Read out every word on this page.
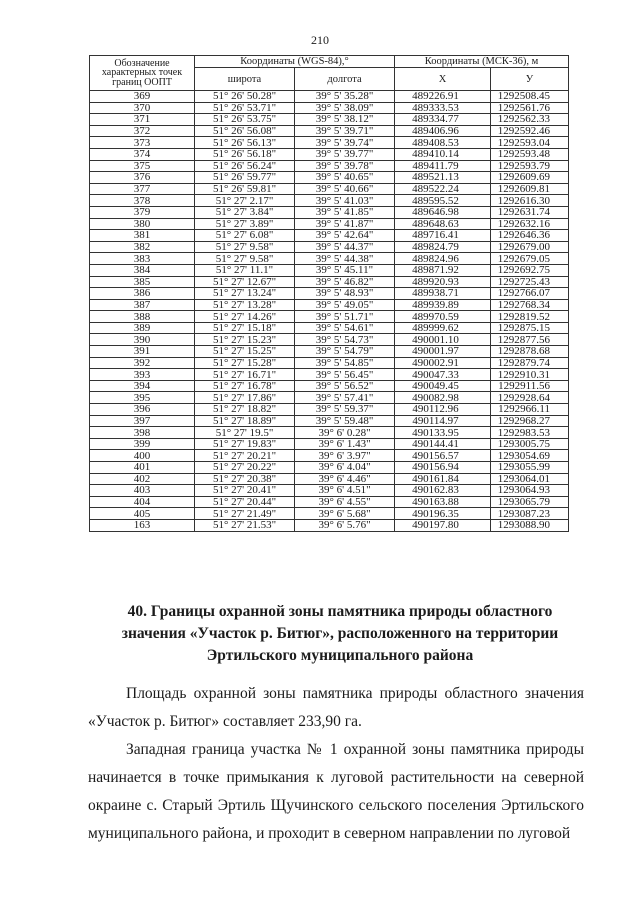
210
Обозначение характерных точек границ ООПТ	Координаты (WGS-84),°		Координаты (МСК-36), м	
	широта	долгота	X	У
369	51° 26' 50.28"	39° 5' 35.28"	489226.91	1292508.45
370	51° 26' 53.71"	39° 5' 38.09"	489333.53	1292561.76
371	51° 26' 53.75"	39° 5' 38.12"	489334.77	1292562.33
372	51° 26' 56.08"	39° 5' 39.71"	489406.96	1292592.46
373	51° 26' 56.13"	39° 5' 39.74"	489408.53	1292593.04
374	51° 26' 56.18"	39° 5' 39.77"	489410.14	1292593.48
375	51° 26' 56.24"	39° 5' 39.78"	489411.79	1292593.79
376	51° 26' 59.77"	39° 5' 40.65"	489521.13	1292609.69
377	51° 26' 59.81"	39° 5' 40.66"	489522.24	1292609.81
378	51° 27' 2.17"	39° 5' 41.03"	489595.52	1292616.30
379	51° 27' 3.84"	39° 5' 41.85"	489646.98	1292631.74
380	51° 27' 3.89"	39° 5' 41.87"	489648.63	1292632.16
381	51° 27' 6.08"	39° 5' 42.64"	489716.41	1292646.36
382	51° 27' 9.58"	39° 5' 44.37"	489824.79	1292679.00
383	51° 27' 9.58"	39° 5' 44.38"	489824.96	1292679.05
384	51° 27' 11.1"	39° 5' 45.11"	489871.92	1292692.75
385	51° 27' 12.67"	39° 5' 46.82"	489920.93	1292725.43
386	51° 27' 13.24"	39° 5' 48.93"	489938.71	1292766.07
387	51° 27' 13.28"	39° 5' 49.05"	489939.89	1292768.34
388	51° 27' 14.26"	39° 5' 51.71"	489970.59	1292819.52
389	51° 27' 15.18"	39° 5' 54.61"	489999.62	1292875.15
390	51° 27' 15.23"	39° 5' 54.73"	490001.10	1292877.56
391	51° 27' 15.25"	39° 5' 54.79"	490001.97	1292878.68
392	51° 27' 15.28"	39° 5' 54.85"	490002.91	1292879.74
393	51° 27' 16.71"	39° 5' 56.45"	490047.33	1292910.31
394	51° 27' 16.78"	39° 5' 56.52"	490049.45	1292911.56
395	51° 27' 17.86"	39° 5' 57.41"	490082.98	1292928.64
396	51° 27' 18.82"	39° 5' 59.37"	490112.96	1292966.11
397	51° 27' 18.89"	39° 5' 59.48"	490114.97	1292968.27
398	51° 27' 19.5"	39° 6' 0.28"	490133.95	1292983.53
399	51° 27' 19.83"	39° 6' 1.43"	490144.41	1293005.75
400	51° 27' 20.21"	39° 6' 3.97"	490156.57	1293054.69
401	51° 27' 20.22"	39° 6' 4.04"	490156.94	1293055.99
402	51° 27' 20.38"	39° 6' 4.46"	490161.84	1293064.01
403	51° 27' 20.41"	39° 6' 4.51"	490162.83	1293064.93
404	51° 27' 20.44"	39° 6' 4.55"	490163.88	1293065.79
405	51° 27' 21.49"	39° 6' 5.68"	490196.35	1293087.23
163	51° 27' 21.53"	39° 6' 5.76"	490197.80	1293088.90
40. Границы охранной зоны памятника природы областного значения «Участок р. Битюг», расположенного на территории Эртильского муниципального района
Площадь охранной зоны памятника природы областного значения «Участок р. Битюг» составляет 233,90 га.
Западная граница участка № 1 охранной зоны памятника природы начинается в точке примыкания к луговой растительности на северной окраине с. Старый Эртиль Щучинского сельского поселения Эртильского муниципального района, и проходит в северном направлении по луговой
